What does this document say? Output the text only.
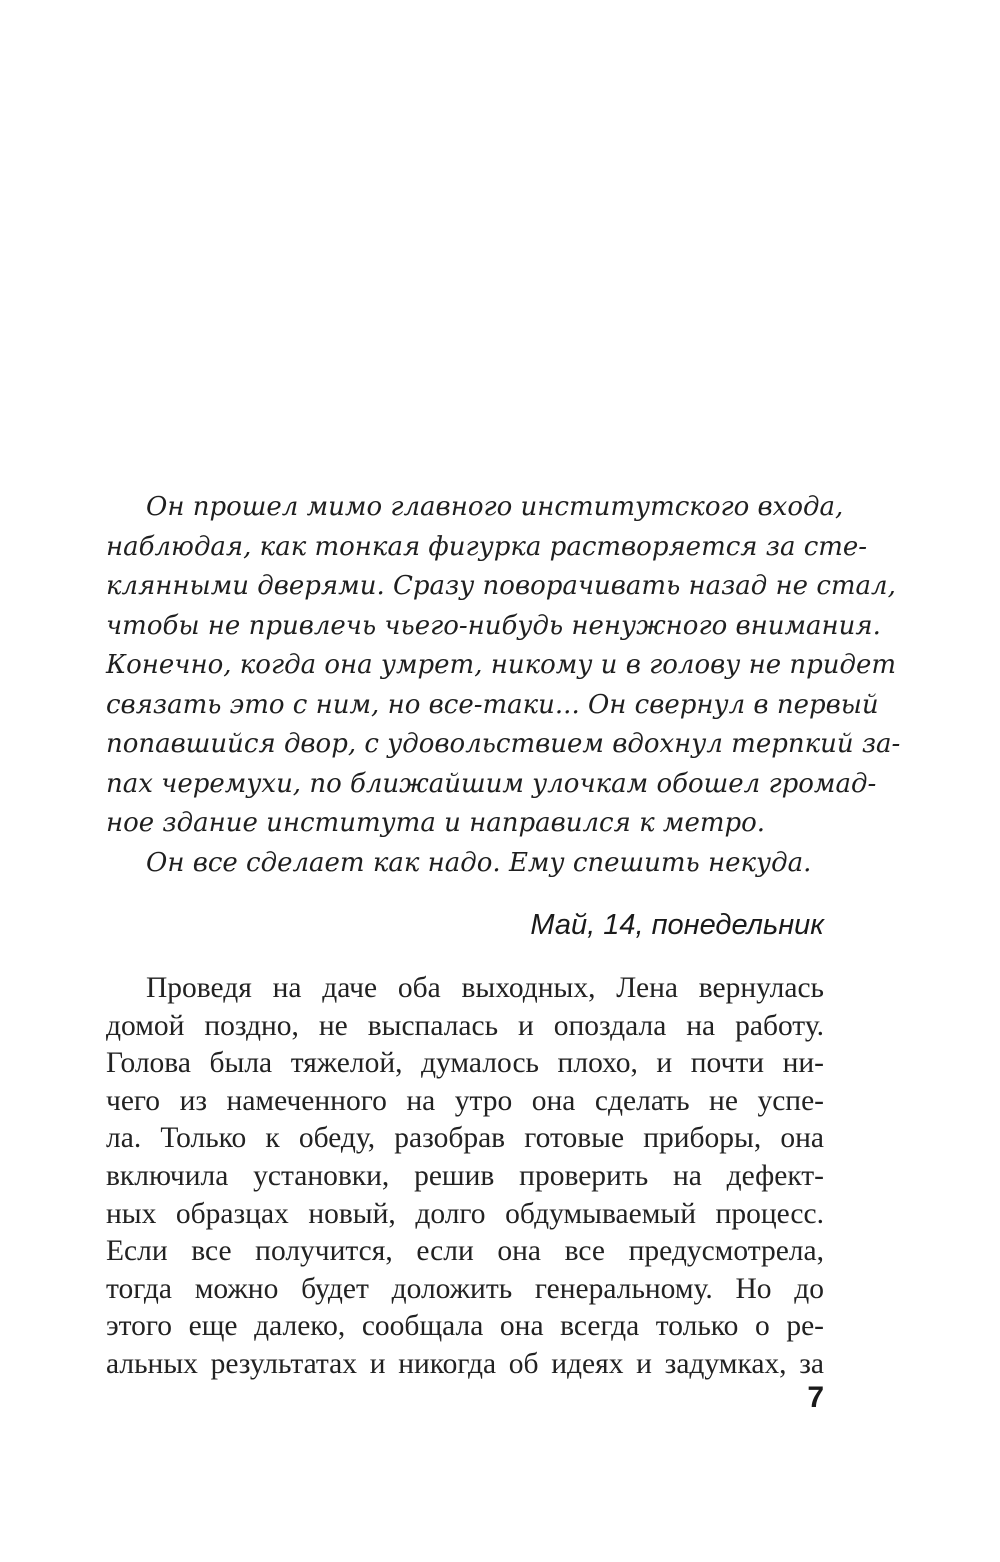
Он прошел мимо главного институтского входа,
наблюдая, как тонкая фигурка растворяется за сте-
клянными дверями. Сразу поворачивать назад не стал,
чтобы не привлечь чьего-нибудь ненужного внимания.
Конечно, когда она умрет, никому и в голову не придет
связать это с ним, но все-таки... Он свернул в первый
попавшийся двор, с удовольствием вдохнул терпкий за-
пах черемухи, по ближайшим улочкам обошел громад-
ное здание института и направился к метро.
Он все сделает как надо. Ему спешить некуда.
Май, 14, понедельник
Проведя на даче оба выходных, Лена вернулась
домой поздно, не выспалась и опоздала на работу.
Голова была тяжелой, думалось плохо, и почти ни-
чего из намеченного на утро она сделать не успе-
ла. Только к обеду, разобрав готовые приборы, она
включила установки, решив проверить на дефект-
ных образцах новый, долго обдумываемый процесс.
Если все получится, если она все предусмотрела,
тогда можно будет доложить генеральному. Но до
этого еще далеко, сообщала она всегда только о ре-
альных результатах и никогда об идеях и задумках, за
7
